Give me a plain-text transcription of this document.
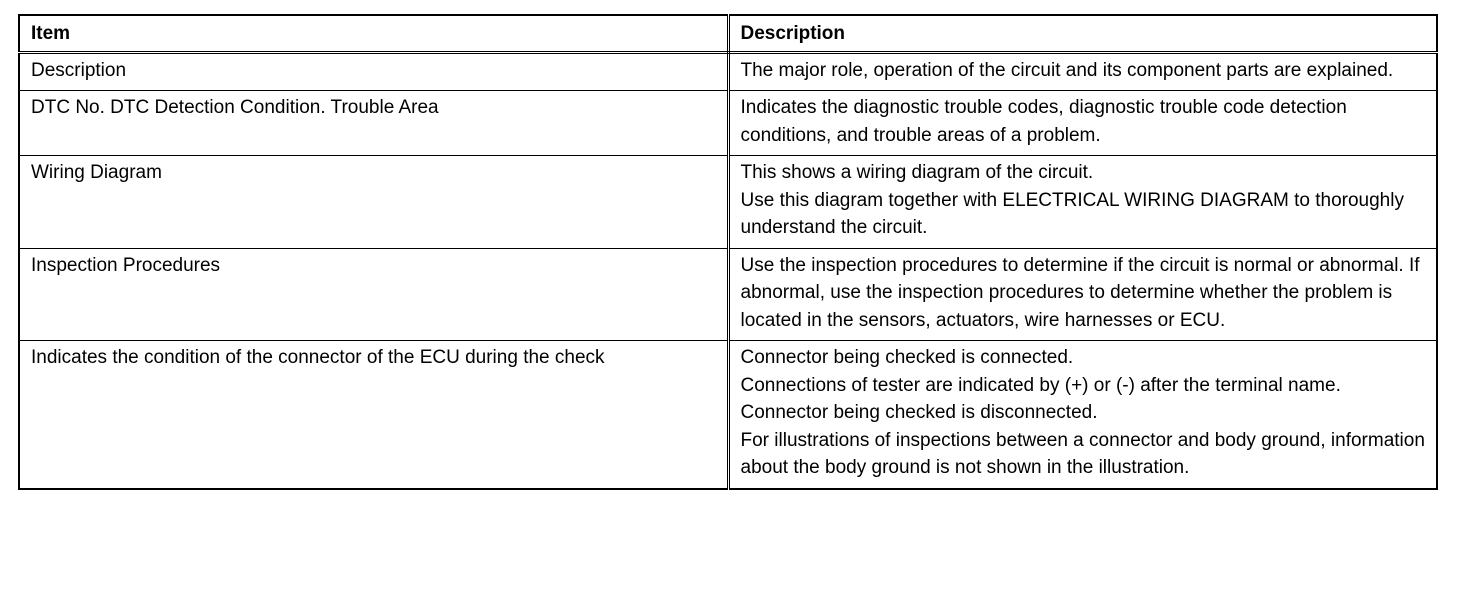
Item	Description
Description	The major role, operation of the circuit and its component parts are explained.

DTC No. DTC Detection Condition. Trouble Area	Indicates the diagnostic trouble codes, diagnostic trouble code detection conditions, and trouble areas of a problem.

Wiring Diagram	This shows a wiring diagram of the circuit.
Use this diagram together with ELECTRICAL WIRING DIAGRAM to thoroughly understand the circuit.

Inspection Procedures	Use the inspection procedures to determine if the circuit is normal or abnormal. If abnormal, use the inspection procedures to determine whether the problem is located in the sensors, actuators, wire harnesses or ECU.

Indicates the condition of the connector of the ECU during the check	Connector being checked is connected.
Connections of tester are indicated by (+) or (-) after the terminal name.
Connector being checked is disconnected.
For illustrations of inspections between a connector and body ground, information about the body ground is not shown in the illustration.
